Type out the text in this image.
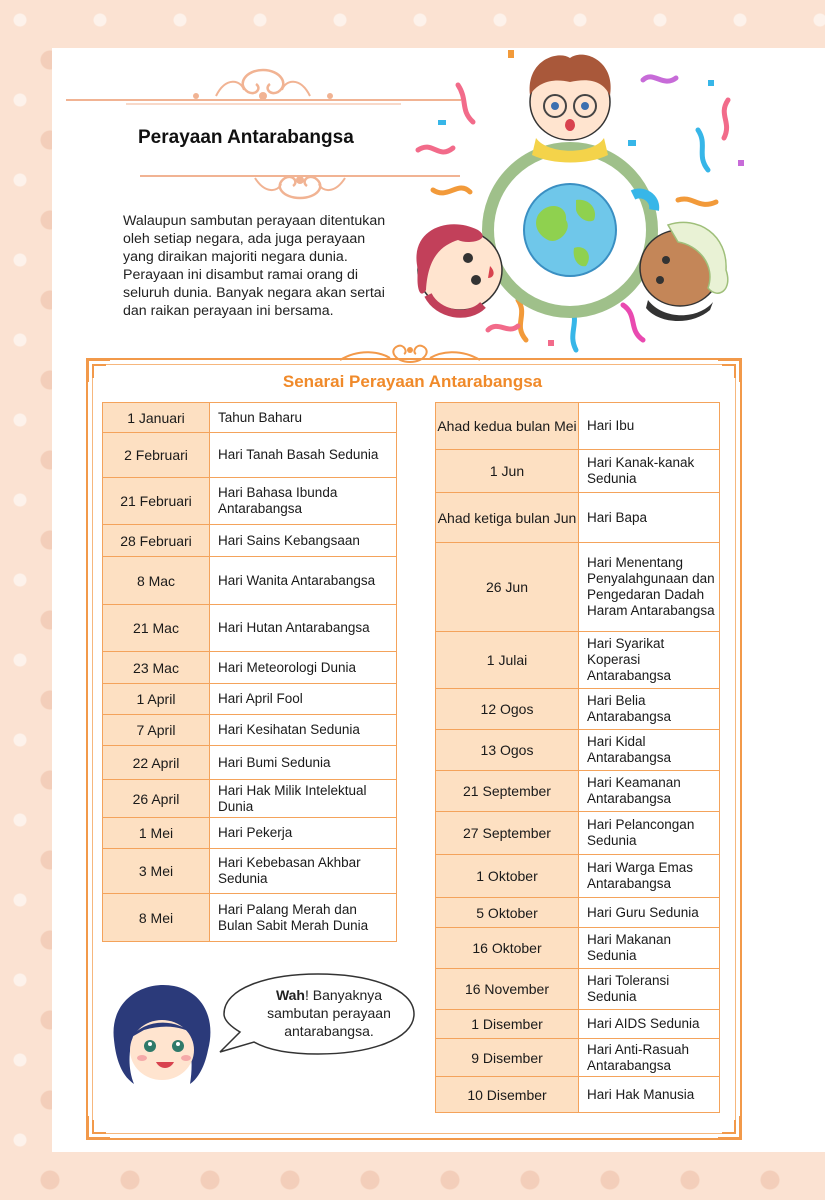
Perayaan Antarabangsa
Walaupun sambutan perayaan ditentukan oleh setiap negara, ada juga perayaan yang diraikan majoriti negara dunia. Perayaan ini disambut ramai orang di seluruh dunia. Banyak negara akan sertai dan raikan perayaan ini bersama.
Senarai Perayaan Antarabangsa
1 Januari	Tahun Baharu
2 Februari	Hari Tanah Basah Sedunia
21 Februari	Hari Bahasa Ibunda Antarabangsa
28 Februari	Hari Sains Kebangsaan
8 Mac	Hari Wanita Antarabangsa
21 Mac	Hari Hutan Antarabangsa
23 Mac	Hari Meteorologi Dunia
1 April	Hari April Fool
7 April	Hari Kesihatan Sedunia
22 April	Hari Bumi Sedunia
26 April	Hari Hak Milik Intelektual Dunia
1 Mei	Hari Pekerja
3 Mei	Hari Kebebasan Akhbar Sedunia
8 Mei	Hari Palang Merah dan Bulan Sabit Merah Dunia
Ahad kedua bulan Mei	Hari Ibu
1 Jun	Hari Kanak-kanak Sedunia
Ahad ketiga bulan Jun	Hari Bapa
26 Jun	Hari Menentang Penyalahgunaan dan Pengedaran Dadah Haram Antarabangsa
1 Julai	Hari Syarikat Koperasi Antarabangsa
12 Ogos	Hari Belia Antarabangsa
13 Ogos	Hari Kidal Antarabangsa
21 September	Hari Keamanan Antarabangsa
27 September	Hari Pelancongan Sedunia
1 Oktober	Hari Warga Emas Antarabangsa
5 Oktober	Hari Guru Sedunia
16 Oktober	Hari Makanan Sedunia
16 November	Hari Toleransi Sedunia
1 Disember	Hari AIDS Sedunia
9 Disember	Hari Anti-Rasuah Antarabangsa
10 Disember	Hari Hak Manusia
Wah! Banyaknya sambutan perayaan antarabangsa.
